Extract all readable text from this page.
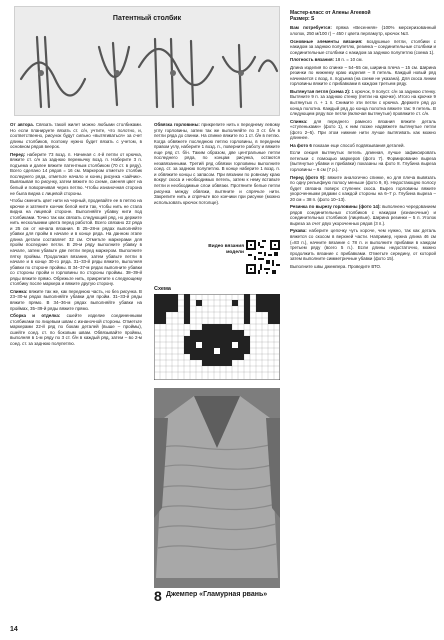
Патентный столбик

От автора. Связать такой жилет можно любыми столбиками. Но если планируете вязать ст. с/н, учтите, что полотно, и, соответственно, рисунок будут сильно «вытягиваться» за счет длины столбиков, поэтому нужно будет вязать с учетом, в основном рядов веерок.

Перед: наберите 73 возд. п. Начиная с 4-й петли от крючка, вяжите ст. с/н за заднюю перемычку возд. п. Наберите 3 п. подъема и далее вяжите патентным столбиком (70 ст. в ряду). Всего сделано 14 рядов = 16 см. Маркером отметьте столбик последнего ряда, отметьте начало и конец рисунка «зайчик». Вывязывая по рисунку, затем вяжите по схеме, сменяя цвет на белый и поворачивая через петлю. Чтобы изнаночная сторона не была видна с лицевой стороны.

Чтобы сменить цвет нити на черный, продевайте ее в петлю на крючке и затяните кончик белой нити так, чтобы нить не стала видна на лицевой стороне. Выполняйте убавку нити под столбиками. Точно так как связать следующий ряд, но держите нить несколькими цвета перед работой. Всего связано 22 ряда и 25 см от начала вязания. В 25–28-м рядах выполняйте убавки для пройм в начале и в конце ряда. На данном этапе длина детали составляет 32 см. Отметьте маркерами для пройм последние петли. В 29-м ряду выполните убавку в начале, затем убавьте две петли перед маркером. Выполните пятку проймы. Продолжая вязание, затем убавьте петли в начале и в конце 30-го ряда. 31–33-й ряды вяжите, выполняя убавки по стороне проймы. В 34–37-м рядах выполните убавки со стороны пройм и горловины по стороны проймы. 38–39-й ряды вяжите прямо. Обрежьте нить, прикрепите к следующему столбику после маркера и вяжите другую сторону.

Спинка: вяжите так же, как переднюю часть, но без рисунка. В 23–30-м рядах выполняйте убавки для пройм. 31–33-й ряды вяжите прямо. В 34–36-м рядах выполняйте убавки на проймах, 35–39-й ряды вяжите прямо.

Сборка и отделка: сшейте изделие соединенными столбиками по лицевым швам с изнаночной стороны. Отметьте маркерами 22-й ряд по бокам деталей (выше – проймы), сшейте соед. ст. по боковым швам. Обвязывайте проймы, выполняя в 1-м ряду по 3 ст. б/н в каждый ряд, затем – во 2-м соед. ст. за заднюю полупетлю.

Обвязка горловины: прикрепите нить к переднему левому углу горловины, затем так же выполняйте по 3 ст. б/н в петли ряда до спинки. На спинке вяжите по 1 ст. б/н в петлю. Когда обвяжете последнюю петлю горловины, в переднем правом углу, наберите 1 возд. п., поверните работу и вяжите еще ряд ст. б/н. Таким образом, две центральные петли последнего ряда, по концам рисунка, остаются незавязанными. Третий ряд обвязки горловины выполните соед. ст. за заднюю полупетлю. В конце наберите 1 возд. п. и обвяжите концы с запасом. При вязании по ровному краю вокруг скоса и необходимых петель, затем к нему вставьте петли и необходимые слои обвязки. Протяните белые петли рисунка между обвязки, вытяните и спрячьте нити. Закрепите нить и спрячьте все кончики при рисунке (можно использовать крючок потолще).

Видео вязания модели
Схема
8 Джемпер «Гламурная рвань»
Мастер-класс от Алены Агеевой
Размер: S

Вам потребуется: пряжа «Весенняя» (100% мерсеризованный хлопок, 250 м/100 г) – 450 г цвета перламутр, крючок №3.

Основные элементы вязания: воздушные петли, столбики с накидом за заднюю полупетлю, резинка – соединительные столбики и соединительные столбики с накидом за заднюю полупетлю (схема 1).

Плотность вязания: 18 п. = 10 см.

Длина изделия по спинке – 54–55 см, ширина плеча – 15 см. Ширина резинки по нижнему краю изделия – 8 петель. Каждый новый ряд начинается с возд. п. подъема (на схеме не указана). Для скоса линии горловины вяжите с прибавками в каждом третьем ряду.

Вытянутая петля (схема 2): 1 крючок, 9 полуст. с/н за заднюю стенку. Вытяните 9 п. за заднюю стенку (петли на крючке). Итого на крючке 9 вытянутых п. + 1 п. Снимите эти петли с крючка. Держите ряд до конца полотна. Каждый ряд до конца полотна вяжите так: 9 петель. В следующем ряду все петли (включая вытянутые) провяжите ст. с/н.

Спинка: для переднего рамного вязания вяжите деталь «ступеньками» (фото 1), к ним позже надвяжете вытянутые петли (фото 2–5). При этом нижние нити лучше вытягивать как можно длиннее.

На фото 6 показан еще способ подвязывания деталей.

Если секция вытянутых петель длинная, лучше зафиксировать петельки с помощью маркеров (фото 7). Формирование выреза (вытянутые убавки и прибавки) показаны на фото 8. Глубина выреза горловины – 6 см (7 р.).

Перед (фото 9): вяжите аналогично спинке, но для плеча вывязать по одну рельефную полосу меньше (фото 9, 8). Недостающую полосу будет связана поверх ступенек скоса. Вырез горловины вяжите укороченными рядами с каждой стороны на 6–7 р. Глубина выреза – 20 см = 38 п. (фото 10–13).

Резинка по вырезу горловины (фото 14): выполнено чередованием рядов соединительных столбиков с накидом (изнаночные) и соединительных столбиков (лицевые). Ширина резинки – 5 п. Уголок выреза за счет двух укороченных рядов (3 п.).

Рукава: наберите цепочку чуть короче, чем нужно, так как деталь вяжется со скосом в верхней части. Например, нужна длина 46 см (=83 п.), начните вязание с 78 п. и выполните прибавки в каждом третьем ряду (всего 5 п.). Если длины недостаточно, можно продолжить вязание с прибавками. Отметьте середину, от которой затем выполните симметричные убавки (фото 15).

Выполните швы джемпера. Проведите ВТО.

14
